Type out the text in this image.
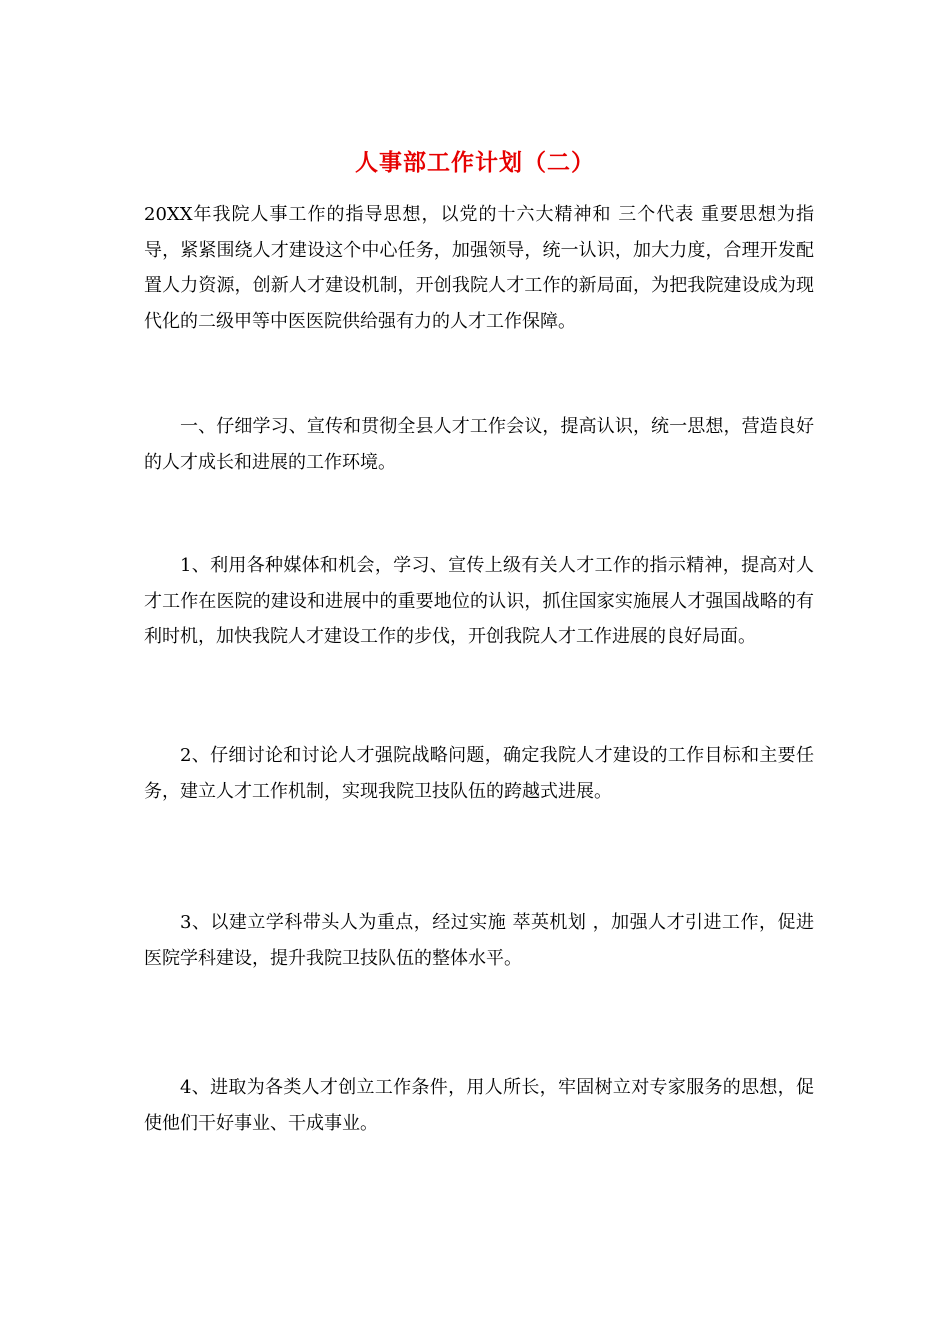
人事部工作计划（二）

20XX年我院人事工作的指导思想，以党的十六大精神和 三个代表 重要思想为指导，紧紧围绕人才建设这个中心任务，加强领导，统一认识，加大力度，合理开发配置人力资源，创新人才建设机制，开创我院人才工作的新局面，为把我院建设成为现代化的二级甲等中医医院供给强有力的人才工作保障。

一、仔细学习、宣传和贯彻全县人才工作会议，提高认识，统一思想，营造良好的人才成长和进展的工作环境。

1、利用各种媒体和机会，学习、宣传上级有关人才工作的指示精神，提高对人才工作在医院的建设和进展中的重要地位的认识，抓住国家实施展人才强国战略的有利时机，加快我院人才建设工作的步伐，开创我院人才工作进展的良好局面。

2、仔细讨论和讨论人才强院战略问题，确定我院人才建设的工作目标和主要任务，建立人才工作机制，实现我院卫技队伍的跨越式进展。

3、以建立学科带头人为重点，经过实施 萃英机划 ，加强人才引进工作，促进医院学科建设，提升我院卫技队伍的整体水平。

4、进取为各类人才创立工作条件，用人所长，牢固树立对专家服务的思想，促使他们干好事业、干成事业。
